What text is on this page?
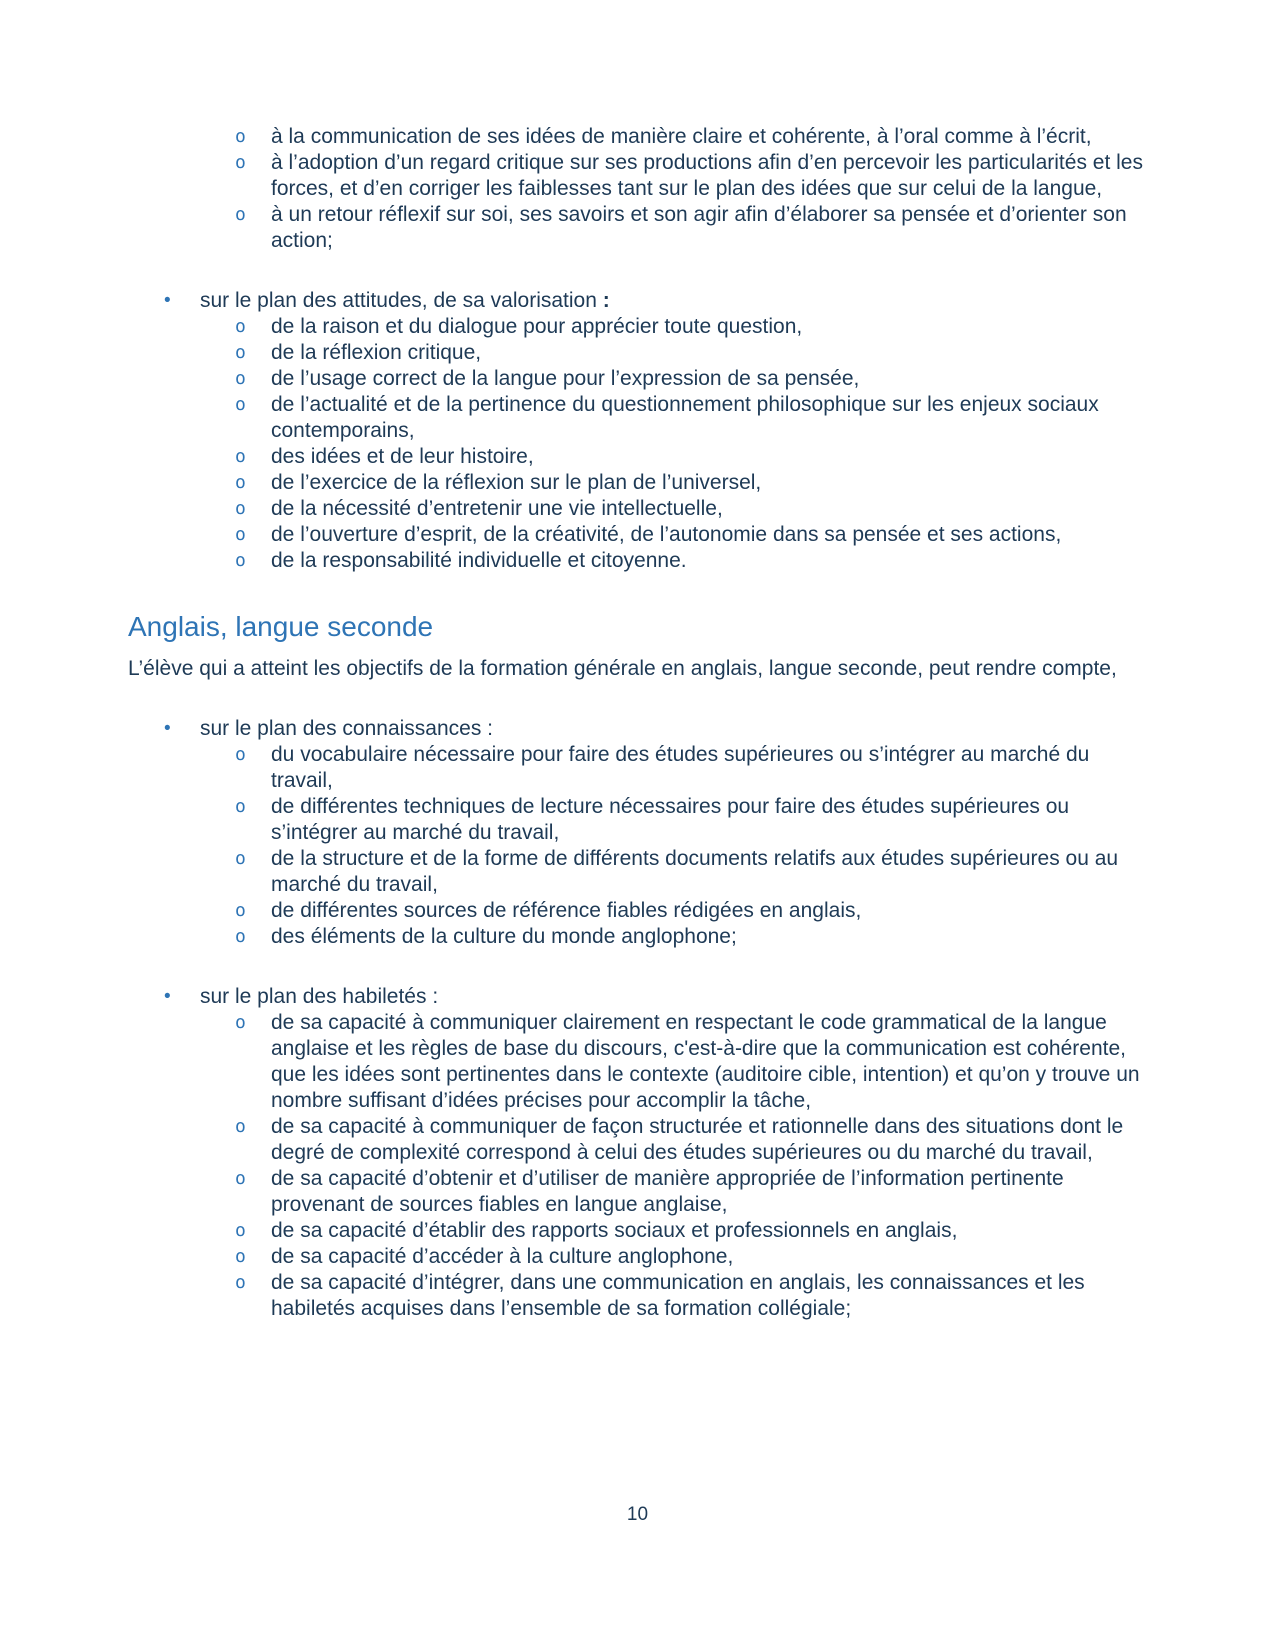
o	à la communication de ses idées de manière claire et cohérente, à l’oral comme à l’écrit,
o	à l’adoption d’un regard critique sur ses productions afin d’en percevoir les particularités et les forces, et d’en corriger les faiblesses tant sur le plan des idées que sur celui de la langue,
o	à un retour réflexif sur soi, ses savoirs et son agir afin d’élaborer sa pensée et d’orienter son action;
•	sur le plan des attitudes, de sa valorisation :
o	de la raison et du dialogue pour apprécier toute question,
o	de la réflexion critique,
o	de l’usage correct de la langue pour l’expression de sa pensée,
o	de l’actualité et de la pertinence du questionnement philosophique sur les enjeux sociaux contemporains,
o	des idées et de leur histoire,
o	de l’exercice de la réflexion sur le plan de l’universel,
o	de la nécessité d’entretenir une vie intellectuelle,
o	de l’ouverture d’esprit, de la créativité, de l’autonomie dans sa pensée et ses actions,
o	de la responsabilité individuelle et citoyenne.
Anglais, langue seconde

L’élève qui a atteint les objectifs de la formation générale en anglais, langue seconde, peut rendre compte,

•	sur le plan des connaissances :
o	du vocabulaire nécessaire pour faire des études supérieures ou s’intégrer au marché du travail,
o	de différentes techniques de lecture nécessaires pour faire des études supérieures ou s’intégrer au marché du travail,
o	de la structure et de la forme de différents documents relatifs aux études supérieures ou au marché du travail,
o	de différentes sources de référence fiables rédigées en anglais,
o	des éléments de la culture du monde anglophone;
•	sur le plan des habiletés :
o	de sa capacité à communiquer clairement en respectant le code grammatical de la langue anglaise et les règles de base du discours, c'est-à-dire que la communication est cohérente, que les idées sont pertinentes dans le contexte (auditoire cible, intention) et qu’on y trouve un nombre suffisant d’idées précises pour accomplir la tâche,
o	de sa capacité à communiquer de façon structurée et rationnelle dans des situations dont le degré de complexité correspond à celui des études supérieures ou du marché du travail,
o	de sa capacité d’obtenir et d’utiliser de manière appropriée de l’information pertinente provenant de sources fiables en langue anglaise,
o	de sa capacité d’établir des rapports sociaux et professionnels en anglais,
o	de sa capacité d’accéder à la culture anglophone,
o	de sa capacité d’intégrer, dans une communication en anglais, les connaissances et les habiletés acquises dans l’ensemble de sa formation collégiale;
10
